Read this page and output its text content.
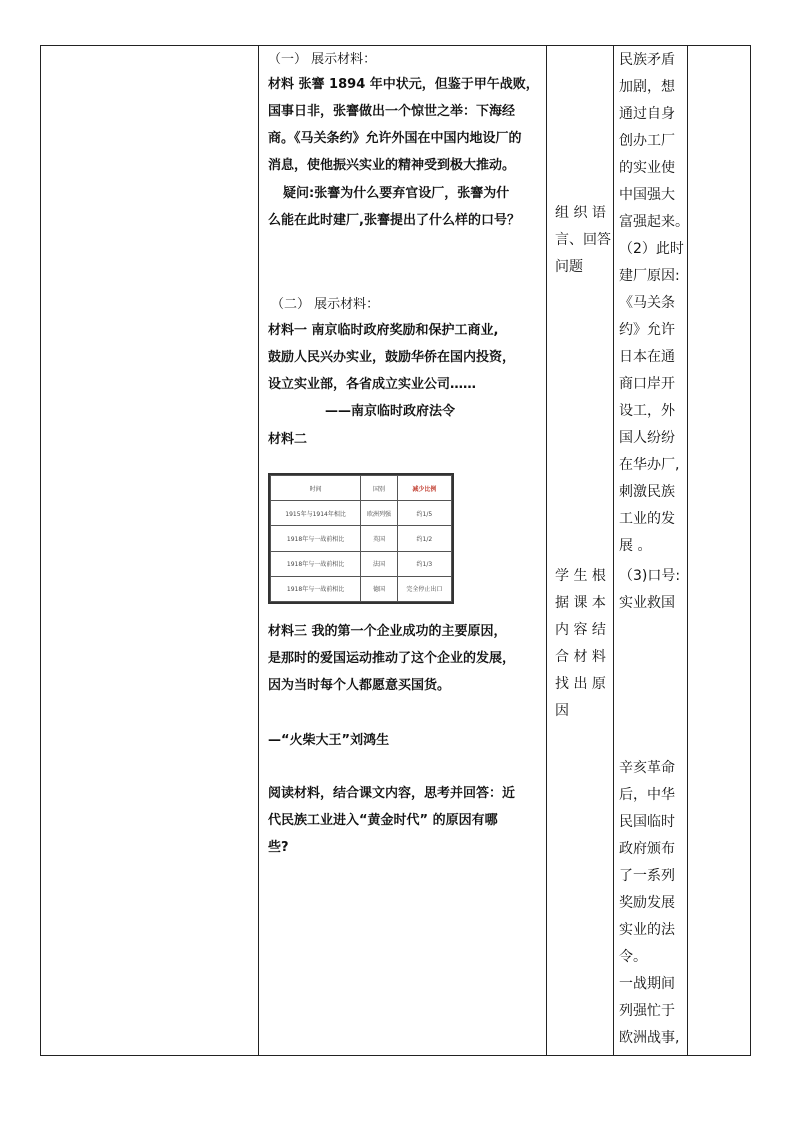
（一） 展示材料：
材料 张謇 1894 年中状元，但鉴于甲午战败，
国事日非，张謇做出一个惊世之举：下海经
商。《马关条约》允许外国在中国内地设厂的
消息，使他振兴实业的精神受到极大推动。
疑问:张謇为什么要弃官设厂，张謇为什
么能在此时建厂,张謇提出了什么样的口号？
（二） 展示材料：
材料一 南京临时政府奖励和保护工商业,
鼓励人民兴办实业，鼓励华侨在国内投资，
设立实业部，各省成立实业公司……
——南京临时政府法令
材料二
时间	国别	减少比例
1915年与1914年相比	欧洲列强	约1/5
1918年与一战前相比	英国	约1/2
1918年与一战前相比	法国	约1/3
1918年与一战前相比	德国	完全停止出口
材料三 我的第一个企业成功的主要原因，
是那时的爱国运动推动了这个企业的发展，
因为当时每个人都愿意买国货。
—“火柴大王”刘鸿生
阅读材料，结合课文内容，思考并回答：近
代民族工业进入“黄金时代” 的原因有哪
些?
组 织 语
言、回答
问题
学 生 根
据 课 本
内 容 结
合 材 料
找 出 原
因
民族矛盾
加剧，想
通过自身
创办工厂
的实业使
中国强大
富强起来。
（2）此时
建厂原因:
《马关条
约》允许
日本在通
商口岸开
设工，外
国人纷纷
在华办厂,
刺激民族
工业的发
展 。
（3)口号:
实业救国
辛亥革命
后，中华
民国临时
政府颁布
了一系列
奖励发展
实业的法
令。
一战期间
列强忙于
欧洲战事,
